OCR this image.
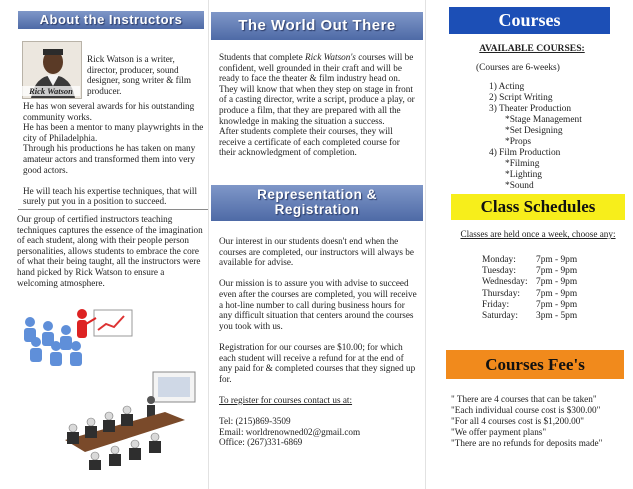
About the Instructors
Rick Watson
Rick Watson is a writer, director, producer, sound designer, song writer & film producer.

He has won several awards for his outstanding community works.

He has been a mentor to many playwrights in the city of Philadelphia.

Through his productions he has taken on many amateur actors and transformed them into very good actors.

He will teach his expertise techniques, that will surely put you in a position to succeed.

Our group of certified instructors teaching techniques captures the essence of the imagination of each student, along with their people person personalities, allows students to embrace the core of what their being taught, all the instructors were hand picked by Rick Watson to ensure a welcoming atmosphere.
The World Out There

Students that complete Rick Watson's courses will be confident, well grounded in their craft and will be ready to face the theater & film industry head on.

They will know that when they step on stage in front of a casting director, write a script, produce a play, or produce a film, that they are prepared with all the knowledge in making the situation a success.

After students complete their courses, they will receive a certificate of each completed course for their acknowledgment of completion.

Representation &
Registration

Our interest in our students doesn't end when the courses are completed, our instructors will always be available for advise.

Our mission is to assure you with advise to succeed even after the courses are completed, you will receive a hot-line number to call during business hours for any difficult situation that centers around the courses you took with us.

Registration for our courses are $10.00; for which each student will receive a refund for at the end of any paid for & completed courses that they signed up for.

To register for courses contact us at:

Tel: (215)869-3509

Email: worldrenowned02@gmail.com

Office: (267)331-6869

Courses
AVAILABLE COURSES:
(Courses are 6-weeks)
1) Acting
2) Script Writing
3) Theater Production
*Stage Management
*Set Designing
*Props
4) Film Production
*Filming
*Lighting
*Sound
Class Schedules
Classes are held once a week, choose any:
Monday:	7pm - 9pm
Tuesday:	7pm - 9pm
Wednesday: 7pm - 9pm
Thursday:	7pm - 9pm
Friday:	7pm - 9pm
Saturday:	3pm - 5pm
Courses Fee's
" There are 4 courses that can be taken"
"Each individual course cost is $300.00"
"For all 4 courses cost is $1,200.00"
"We offer payment plans"
"There are no refunds for deposits made"
